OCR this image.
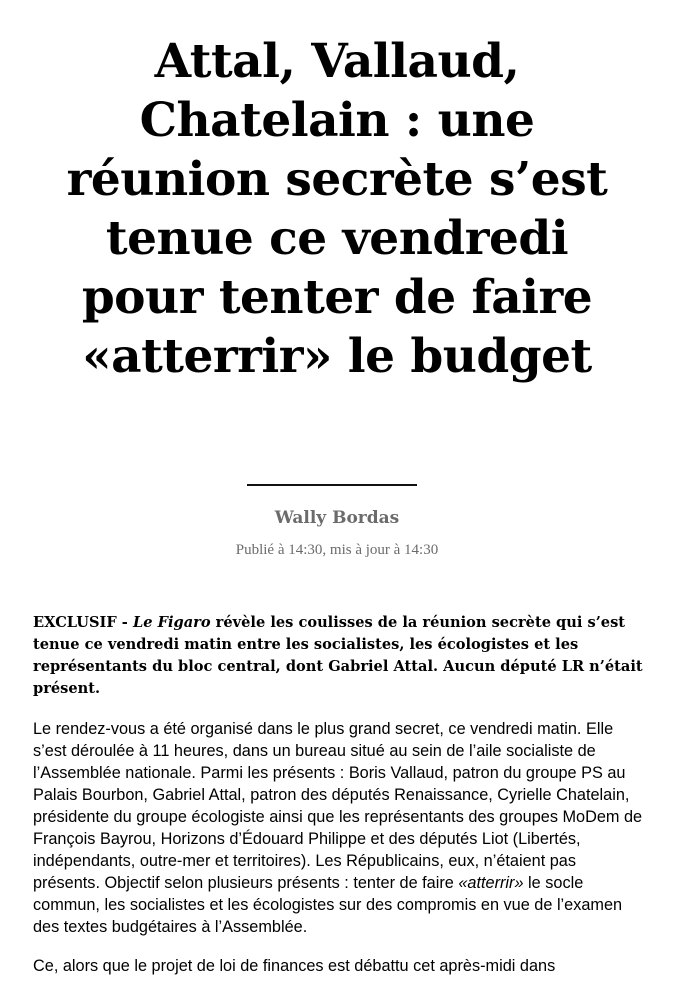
Attal, Vallaud, Chatelain : une réunion secrète s’est tenue ce vendredi pour tenter de faire «atterrir» le budget
Wally Bordas
Publié à 14:30, mis à jour à 14:30

EXCLUSIF - Le Figaro révèle les coulisses de la réunion secrète qui s’est tenue ce vendredi matin entre les socialistes, les écologistes et les représentants du bloc central, dont Gabriel Attal. Aucun député LR n’était présent.

Le rendez-vous a été organisé dans le plus grand secret, ce vendredi matin. Elle s’est déroulée à 11 heures, dans un bureau situé au sein de l’aile socialiste de l’Assemblée nationale. Parmi les présents : Boris Vallaud, patron du groupe PS au Palais Bourbon, Gabriel Attal, patron des députés Renaissance, Cyrielle Chatelain, présidente du groupe écologiste ainsi que les représentants des groupes MoDem de François Bayrou, Horizons d’Édouard Philippe et des députés Liot (Libertés, indépendants, outre-mer et territoires). Les Républicains, eux, n’étaient pas présents. Objectif selon plusieurs présents : tenter de faire «atterrir» le socle commun, les socialistes et les écologistes sur des compromis en vue de l’examen des textes budgétaires à l’Assemblée.

Ce, alors que le projet de loi de finances est débattu cet après-midi dans
